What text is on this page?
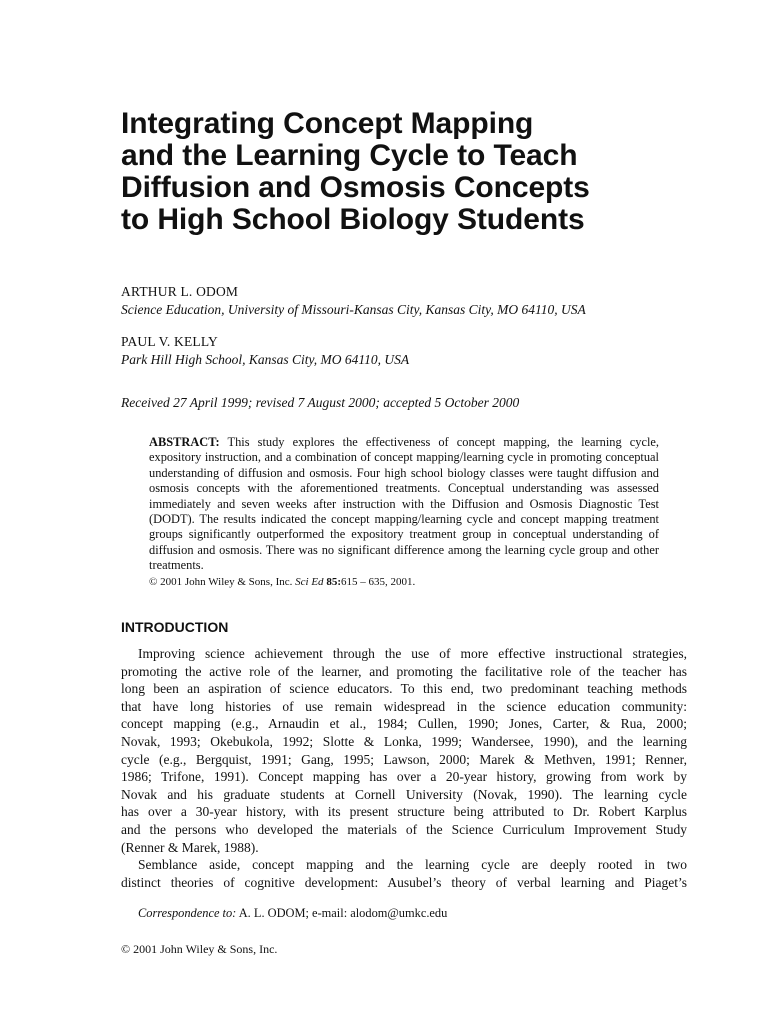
Integrating Concept Mapping
and the Learning Cycle to Teach
Diffusion and Osmosis Concepts
to High School Biology Students
ARTHUR L. ODOM
Science Education, University of Missouri-Kansas City, Kansas City, MO 64110, USA
PAUL V. KELLY
Park Hill High School, Kansas City, MO 64110, USA
Received 27 April 1999; revised 7 August 2000; accepted 5 October 2000
ABSTRACT: This study explores the effectiveness of concept mapping, the learning cycle, expository instruction, and a combination of concept mapping/learning cycle in promoting conceptual understanding of diffusion and osmosis. Four high school biology classes were taught diffusion and osmosis concepts with the aforementioned treatments. Conceptual understanding was assessed immediately and seven weeks after instruction with the Diffusion and Osmosis Diagnostic Test (DODT). The results indicated the concept mapping/learning cycle and concept mapping treatment groups significantly outperformed the expository treatment group in conceptual understanding of diffusion and osmosis. There was no significant difference among the learning cycle group and other treatments.
© 2001 John Wiley & Sons, Inc. Sci Ed 85:615 – 635, 2001.
INTRODUCTION
Improving science achievement through the use of more effective instructional strategies,
promoting the active role of the learner, and promoting the facilitative role of the teacher has
long been an aspiration of science educators. To this end, two predominant teaching methods
that have long histories of use remain widespread in the science education community:
concept mapping (e.g., Arnaudin et al., 1984; Cullen, 1990; Jones, Carter, & Rua, 2000;
Novak, 1993; Okebukola, 1992; Slotte & Lonka, 1999; Wandersee, 1990), and the learning
cycle (e.g., Bergquist, 1991; Gang, 1995; Lawson, 2000; Marek & Methven, 1991; Renner,
1986; Trifone, 1991). Concept mapping has over a 20-year history, growing from work by
Novak and his graduate students at Cornell University (Novak, 1990). The learning cycle
has over a 30-year history, with its present structure being attributed to Dr. Robert Karplus
and the persons who developed the materials of the Science Curriculum Improvement Study
(Renner & Marek, 1988).
Semblance aside, concept mapping and the learning cycle are deeply rooted in two
distinct theories of cognitive development: Ausubel’s theory of verbal learning and Piaget’s
Correspondence to: A. L. ODOM; e-mail: alodom@umkc.edu
© 2001 John Wiley & Sons, Inc.
